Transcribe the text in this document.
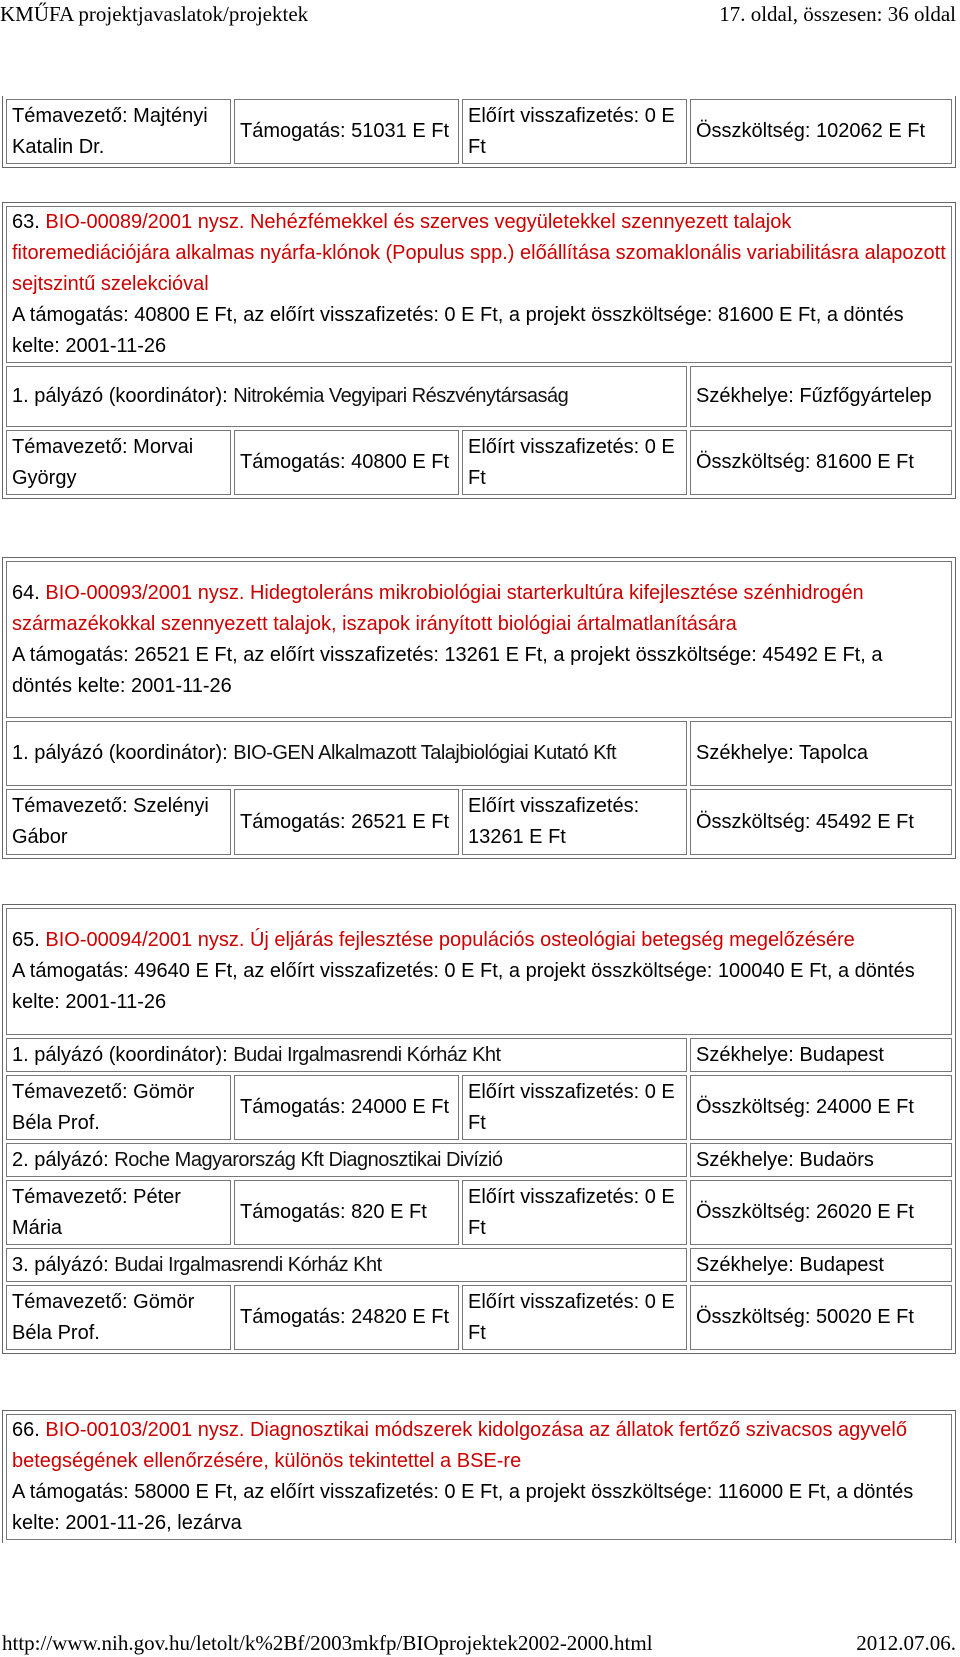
KMŰFA projektjavaslatok/projektek	17. oldal, összesen: 36 oldal
Témavezető: Majtényi Katalin Dr.	Támogatás: 51031 E Ft	Előírt visszafizetés: 0 E Ft	Összköltség: 102062 E Ft
63. BIO-00089/2001 nysz. Nehézfémekkel és szerves vegyületekkel szennyezett talajok fitoremediációjára alkalmas nyárfa-klónok (Populus spp.) előállítása szomaklonális variabilitásra alapozott sejtszintű szelekcióval
A támogatás: 40800 E Ft, az előírt visszafizetés: 0 E Ft, a projekt összköltsége: 81600 E Ft, a döntés kelte: 2001-11-26			
1. pályázó (koordinátor): Nitrokémia Vegyipari Részvénytársaság			Székhelye: Fűzfőgyártelep
Témavezető: Morvai György	Támogatás: 40800 E Ft	Előírt visszafizetés: 0 E Ft	Összköltség: 81600 E Ft
64. BIO-00093/2001 nysz. Hidegtoleráns mikrobiológiai starterkultúra kifejlesztése szénhidrogén származékokkal szennyezett talajok, iszapok irányított biológiai ártalmatlanítására
A támogatás: 26521 E Ft, az előírt visszafizetés: 13261 E Ft, a projekt összköltsége: 45492 E Ft, a döntés kelte: 2001-11-26			
1. pályázó (koordinátor): BIO-GEN Alkalmazott Talajbiológiai Kutató Kft			Székhelye: Tapolca
Témavezető: Szelényi Gábor	Támogatás: 26521 E Ft	Előírt visszafizetés: 13261 E Ft	Összköltség: 45492 E Ft
65. BIO-00094/2001 nysz. Új eljárás fejlesztése populációs osteológiai betegség megelőzésére
A támogatás: 49640 E Ft, az előírt visszafizetés: 0 E Ft, a projekt összköltsége: 100040 E Ft, a döntés kelte: 2001-11-26			
1. pályázó (koordinátor): Budai Irgalmasrendi Kórház Kht			Székhelye: Budapest
Témavezető: Gömör Béla Prof.	Támogatás: 24000 E Ft	Előírt visszafizetés: 0 E Ft	Összköltség: 24000 E Ft
2. pályázó: Roche Magyarország Kft Diagnosztikai Divízió			Székhelye: Budaörs
Témavezető: Péter Mária	Támogatás: 820 E Ft	Előírt visszafizetés: 0 E Ft	Összköltség: 26020 E Ft
3. pályázó: Budai Irgalmasrendi Kórház Kht			Székhelye: Budapest
Témavezető: Gömör Béla Prof.	Támogatás: 24820 E Ft	Előírt visszafizetés: 0 E Ft	Összköltség: 50020 E Ft
66. BIO-00103/2001 nysz. Diagnosztikai módszerek kidolgozása az állatok fertőző szivacsos agyvelő betegségének ellenőrzésére, különös tekintettel a BSE-re
A támogatás: 58000 E Ft, az előírt visszafizetés: 0 E Ft, a projekt összköltsége: 116000 E Ft, a döntés kelte: 2001-11-26, lezárva
http://www.nih.gov.hu/letolt/k%2Bf/2003mkfp/BIOprojektek2002-2000.html	2012.07.06.
